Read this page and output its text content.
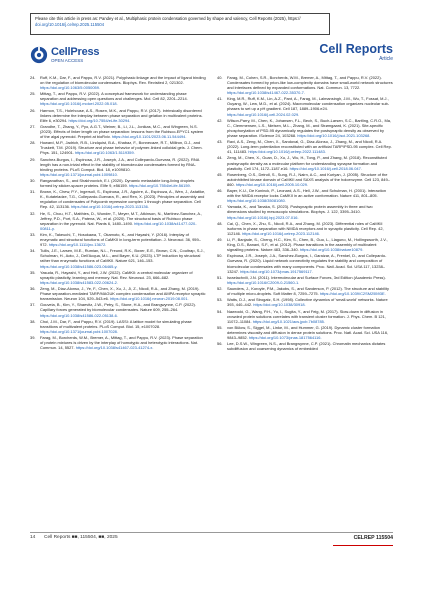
Please cite this article in press as: Pandey et al., Multiphasic protein condensation governed by shape and valency, Cell Reports (2025), https:// doi.org/10.1016/j.celrep.2025.115504
CellPress
OPEN ACCESS
Cell Reports
Article
24.	Ruff, K.M., Dar, F., and Pappu, R.V. (2021). Polyphasic linkage and the impact of ligand binding on the regulation of biomolecular condensates. Biophys. Rev. Revisited 2, 021302. https://doi.org/10.1063/5.0050059.
25.	Mittag, T., and Pappu, R.V. (2022). A conceptual framework for understanding phase separation and addressing open questions and challenges. Mol. Cell 82, 2201–2214. https://doi.org/10.1016/j.molcel.2022.05.018.
26.	Harmon, T.S., Holehouse, A.S., Rosen, M.K., and Pappu, R.V. (2017). Intrinsically disordered linkers determine the interplay between phase separation and gelation in multivalent proteins. Elife 6, e30294. https://doi.org/10.7554/eLife.30294.
27.	Grandhe, T., Zhang, Y., Pyo, A.G.T., Weiner, B., Li, J.L., Jonikas, M.C., and Wingreen, N.S. (2023). Effects of linker length on phase separation: lessons from the Rubisco-EPYC1 system of the algal pyrenoid. Preprint at bioRxiv. https://doi.org/10.1101/2023.06.11.544494.
28.	Howard, M.P., Jadrich, R.B., Lindquist, B.A., Khabaz, F., Bonnecaze, R.T., Milliron, D.J., and Truskett, T.M. (2019). Structure and phase behavior of polymer-linked colloidal gels. J. Chem. Phys. 151, 124901. https://doi.org/10.1063/1.5119359.
29.	Sanchez-Burgos, I., Espinosa, J.R., Joseph, J.A., and Collepardo-Guevara, R. (2022). RNA length has a non-trivial effect in the stability of biomolecular condensates formed by RNA-binding proteins. PLoS Comput. Biol. 18, e1009810. https://doi.org/10.1371/journal.pcbi.1009810.
30.	Ranganathan, S., and Shakhnovich, E.I. (2020). Dynamic metastable long-living droplets formed by sticker-spacer proteins. Elife 9, e56159. https://doi.org/10.7554/eLife.56159.
31.	Brown, K., Chew, P.Y., Ingersoll, S., Espinosa, J.R., Aguirre, A., Espinoza, A., Wen, J., Astatike, K., Kutateladze, T.G., Collepardo-Guevara, R., and Ren, X. (2023). Principles of assembly and regulation of condensates of Polycomb repressive complex 1 through phase separation. Cell Rep. 42, 113136. https://doi.org/10.1016/j.celrep.2023.113136.
32.	He, S., Chou, H.T., Matthies, D., Wunder, T., Meyer, M.T., Atkinson, N., Martinez-Sanchez, A., Jeffrey, P.D., Port, S.A., Patena, W., et al. (2020). The structural basis of Rubisco phase separation in the pyrenoid. Nat. Plants 6, 1480–1490. https://doi.org/10.1038/s41477-020-00811-y.
33.	Kim, K., Takeuchi, T., Hosokawa, T., Okamoto, K., and Hayashi, Y. (2016). Interplay of enzymatic and structural functions of CaMKII in long-term potentiation. J. Neurosci. 36, 959–972. https://doi.org/10.1111/jnc.13672.
34.	Tullis, J.E., Larsen, M.E., Rumian, N.L., Freund, R.K., Boxer, E.E., Brown, C.N., Coultrap, S.J., Schulman, H., Aoto, J., Dell'Acqua, M.L., and Bayer, K.U. (2023). LTP induction by structural rather than enzymatic functions of CaMKII. Nature 621, 146–153. https://doi.org/10.1038/s41586-023-06465-y.
35.	Yasuda, R., Hayashi, Y., and Hell, J.W. (2022). CaMKII: a central molecular organizer of synaptic plasticity, learning and memory. Nat. Rev. Neurosci. 23, 666–682. https://doi.org/10.1038/s41583-022-00624-2.
36.	Zeng, M., Díaz-Alonso, J., Ye, F., Chen, X., Xu, J., Ji, Z., Nicoll, R.A., and Zhang, M. (2019). Phase separation-mediated TARP/MAGUK complex condensation and AMPA receptor synaptic transmission. Neuron 104, 529–543.e6. https://doi.org/10.1016/j.neuron.2019.08.001.
37.	Gouveia, B., Kim, Y., Shaevitz, J.W., Petry, S., Stone, H.A., and Brangwynne, C.P. (2022). Capillary forces generated by biomolecular condensates. Nature 609, 255–264. https://doi.org/10.1038/s41586-022-05138-6.
38.	Choi, J.M., Dar, F., and Pappu, R.V. (2019). LASSI: A lattice model for simulating phase transitions of multivalent proteins. PLoS Comput. Biol. 15, e1007028. https://doi.org/10.1371/journal.pcbi.1007028.
39.	Farag, M., Borcherds, W.M., Bremer, A., Mittag, T., and Pappu, R.V. (2023). Phase separation of protein mixtures is driven by the interplay of homotypic and heterotypic interactions. Nat. Commun. 14, 5527. https://doi.org/10.1038/s41467-023-41274-x.
40.	Farag, M., Cohen, S.R., Borcherds, W.M., Bremer, A., Mittag, T., and Pappu, R.V. (2022). Condensates formed by prion-like low-complexity domains have small-world network structures and interfaces defined by expanded conformations. Nat. Commun. 13, 7722. https://doi.org/10.1038/s41467-022-35370-7.
41.	King, M.R., Ruff, K.M., Lin, A.Z., Pant, A., Farag, M., Lalmansingh, J.M., Wu, T., Fossat, M.J., Ouyang, W., Lew, M.D., et al. (2024). Macromolecular condensation organizes nucleolar sub-phases to set up a pH gradient. Cell 187, 1889–1906.e24. https://doi.org/10.1016/j.cell.2024.02.029.
42.	Wilson-Parry, M., Chen, K., Johansen, F.L., Bech, S., Buch-Larsen, S.C., Bartling, C.R.O., Ma, C., Clemmensen, L.S., Nielsen, M.L., Zhang, M., and Strømgaard, K. (2021). Site-specific phosphorylation of PSD-95 dynamically regulates the postsynaptic density as observed by phase separation. iScience 24, 103268. https://doi.org/10.1016/j.isci.2021.103268.
43.	Ravi, A.S., Zeng, M., Chen, X., Sandoval, G., Diaz-Alonso, J., Zhang, M., and Nicoll, R.A. (2022). Long-term potentiation reconstituted with an artificial TARP/PSD-95 complex. Cell Rep. 41, 111483. https://doi.org/10.1016/j.celrep.2022.111483.
44.	Zeng, M., Chen, X., Guan, D., Xu, J., Wu, H., Tong, P., and Zhang, M. (2018). Reconstituted postsynaptic density as a molecular platform for understanding synapse formation and plasticity. Cell 174, 1172–1187.e16. https://doi.org/10.1016/j.cell.2018.06.047.
45.	Rosenberg, O.S., Deindl, S., Sung, R.J., Nairn, A.C., and Kuriyan, J. (2005). Structure of the autoinhibited kinase domain of CaMKII and SAXS analysis of the holoenzyme. Cell 123, 849–860. https://doi.org/10.1016/j.cell.2005.10.029.
46.	Bayer, K.U., De Koninck, P., Leonard, A.S., Hell, J.W., and Schulman, H. (2001). Interaction with the NMDA receptor locks CaMKII in an active conformation. Nature 411, 801–805. https://doi.org/10.1038/35081080.
47.	Yamada, K., and Tanaka, S. (2023). Postsynaptic protein assembly in three and two dimensions studied by mesoscopic simulations. Biophys. J. 122, 3395–3410. https://doi.org/10.1016/j.bpj.2023.07.016.
48.	Cai, Q., Chen, X., Zhu, S., Nicoll, R.A., and Zhang, M. (2023). Differential roles of CaMKII isoforms in phase separation with NMDA receptors and in synaptic plasticity. Cell Rep. 42, 112146. https://doi.org/10.1016/j.celrep.2023.112146.
49.	Li, P., Banjade, S., Cheng, H.C., Kim, S., Chen, B., Guo, L., Llaguno, M., Hollingsworth, J.V., King, D.S., Banani, S.F., et al. (2012). Phase transitions in the assembly of multivalent signalling proteins. Nature 483, 336–340. https://doi.org/10.1038/nature10879.
50.	Espinosa, J.R., Joseph, J.A., Sanchez-Burgos, I., Garaizar, A., Frenkel, D., and Collepardo-Guevara, R. (2020). Liquid network connectivity regulates the stability and composition of biomolecular condensates with many components. Proc. Natl. Acad. Sci. USA 117, 13238–13247. https://doi.org/10.1073/pnas.1917569117.
51.	Israelachvili, J.N. (2011). Intermolecular and Surface Forces, 3rd Edition (Academic Press). https://doi.org/10.1016/C2009-0-21560-1.
52.	Saunders, J., Koroyle, P.M., Jakobs, S., and Sanderson, P. (2012). The structure and stability of multiple micro-droplets. Soft Matter 8, 7259–7275. https://doi.org/10.1039/C2SM25593E.
53.	Watts, D.J., and Strogatz, S.H. (1998). Collective dynamics of 'small-world' networks. Nature 393, 440–442. https://doi.org/10.1038/30918.
54.	Nawrocki, G., Wang, P.H., Yu, I., Sugita, Y., and Feig, M. (2017). Slow-down in diffusion in crowded protein solutions correlates with transient cluster formation. J. Phys. Chem. B 121, 11072–11084. https://doi.org/10.1021/acs.jpcb.7b08785.
55.	von Bülow, S., Siggel, M., Linke, M., and Hummer, G. (2019). Dynamic cluster formation determines viscosity and diffusion in dense protein solutions. Proc. Natl. Acad. Sci. USA 116, 9843–9852. https://doi.org/10.1073/pnas.1817564116.
56.	Lee, D.S.W., Wingreen, N.S., and Brangwynne, C.P. (2021). Chromatin mechanics dictates subdiffusion and coarsening dynamics of embedded
14 Cell Reports ■■, 115504, ■■, 2025	CELREP 115504
